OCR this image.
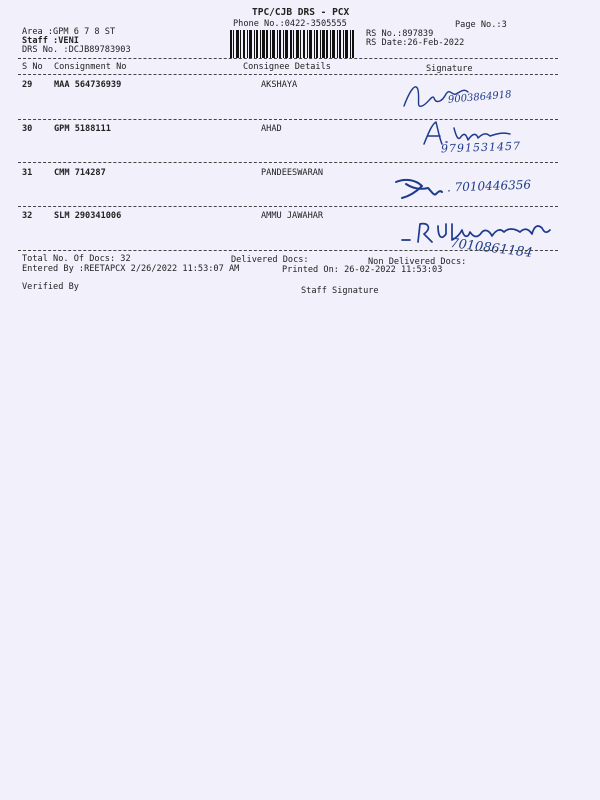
TPC/CJB DRS - PCX
Phone No.:0422-3505555	Page No.:3
Area :GPM 6 7 8 ST
Staff :VENI
DRS No. :DCJB89783903
RS No.:897839
RS Date:26-Feb-2022
S No Consignment No	Consignee Details	Signature
29	MAA 564736939	AKSHAYA
9003864918
30	GPM 5188111	AHAD
9791531457
31	CMM 714287	PANDEESWARAN
. 7010446356
32	SLM 290341006	AMMU JAWAHAR
7010861184
Total No. Of Docs: 32	Delivered Docs:	Non Delivered Docs:
Entered By :REETAPCX 2/26/2022 11:53:07 AM	Printed On: 26-02-2022 11:53:03
Verified By	Staff Signature
